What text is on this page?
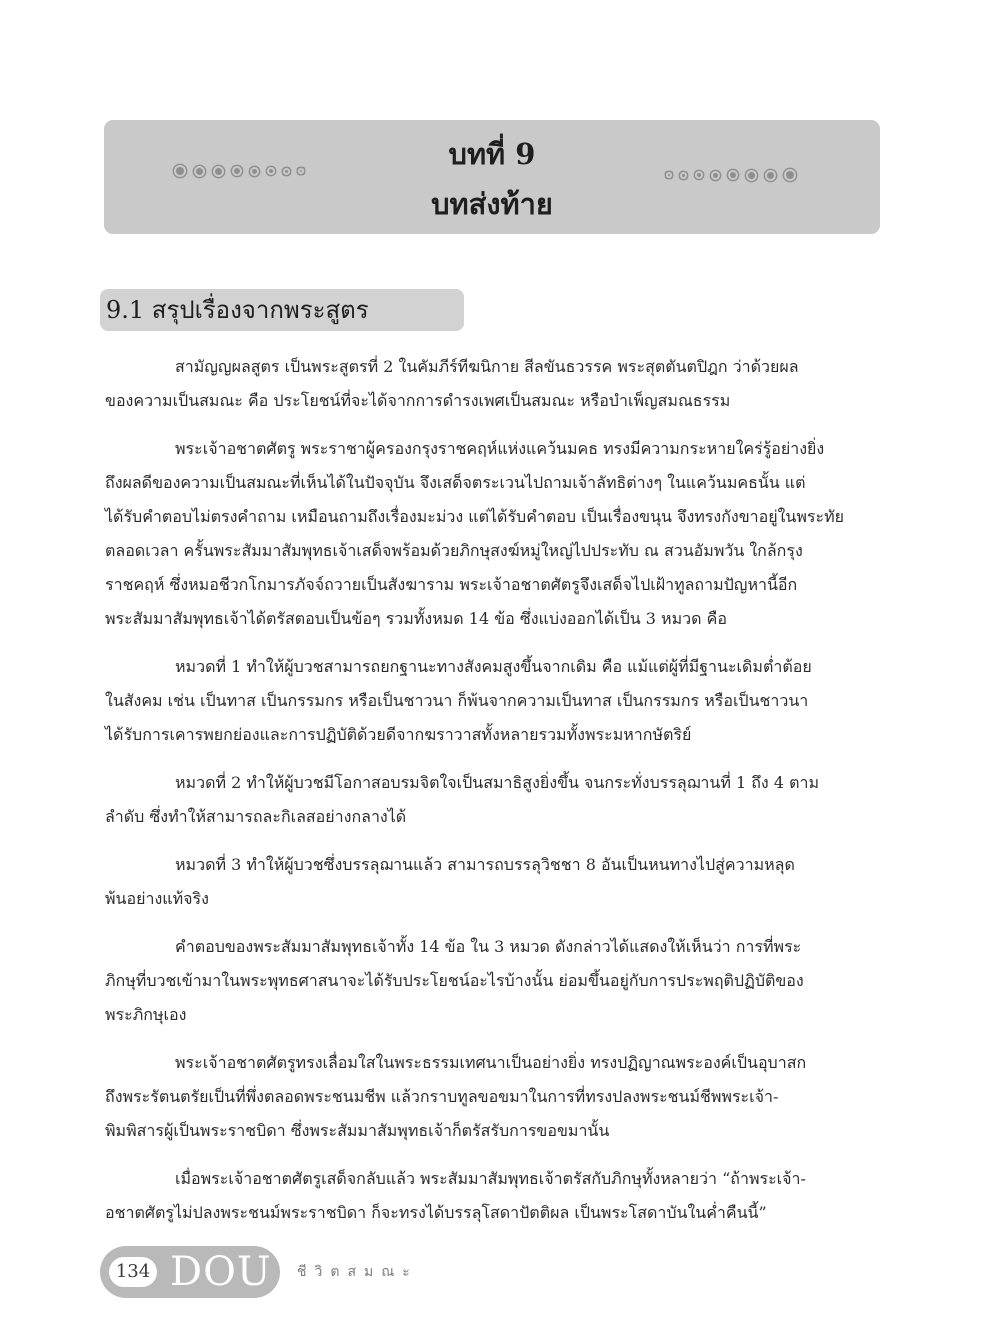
บทที่ 9
บทส่งท้าย
9.1 สรุปเรื่องจากพระสูตร

สามัญญผลสูตร เป็นพระสูตรที่ 2 ในคัมภีร์ทีฆนิกาย สีลขันธวรรค พระสุตตันตปิฎก ว่าด้วยผล
ของความเป็นสมณะ คือ ประโยชน์ที่จะได้จากการดำรงเพศเป็นสมณะ หรือบำเพ็ญสมณธรรม

พระเจ้าอชาตศัตรู พระราชาผู้ครองกรุงราชคฤห์แห่งแคว้นมคธ ทรงมีความกระหายใคร่รู้อย่างยิ่ง
ถึงผลดีของความเป็นสมณะที่เห็นได้ในปัจจุบัน จึงเสด็จตระเวนไปถามเจ้าลัทธิต่างๆ ในแคว้นมคธนั้น แต่
ได้รับคำตอบไม่ตรงคำถาม เหมือนถามถึงเรื่องมะม่วง แต่ได้รับคำตอบ เป็นเรื่องขนุน จึงทรงกังขาอยู่ในพระทัย
ตลอดเวลา ครั้นพระสัมมาสัมพุทธเจ้าเสด็จพร้อมด้วยภิกษุสงฆ์หมู่ใหญ่ไปประทับ ณ สวนอัมพวัน ใกล้กรุง
ราชคฤห์ ซึ่งหมอชีวกโกมารภัจจ์ถวายเป็นสังฆาราม พระเจ้าอชาตศัตรูจึงเสด็จไปเฝ้าทูลถามปัญหานี้อีก
พระสัมมาสัมพุทธเจ้าได้ตรัสตอบเป็นข้อๆ รวมทั้งหมด 14 ข้อ ซึ่งแบ่งออกได้เป็น 3 หมวด คือ

หมวดที่ 1 ทำให้ผู้บวชสามารถยกฐานะทางสังคมสูงขึ้นจากเดิม คือ แม้แต่ผู้ที่มีฐานะเดิมต่ำต้อย
ในสังคม เช่น เป็นทาส เป็นกรรมกร หรือเป็นชาวนา ก็พ้นจากความเป็นทาส เป็นกรรมกร หรือเป็นชาวนา
ได้รับการเคารพยกย่องและการปฏิบัติด้วยดีจากฆราวาสทั้งหลายรวมทั้งพระมหากษัตริย์

หมวดที่ 2 ทำให้ผู้บวชมีโอกาสอบรมจิตใจเป็นสมาธิสูงยิ่งขึ้น จนกระทั่งบรรลุฌานที่ 1 ถึง 4 ตาม
ลำดับ ซึ่งทำให้สามารถละกิเลสอย่างกลางได้

หมวดที่ 3 ทำให้ผู้บวชซึ่งบรรลุฌานแล้ว สามารถบรรลุวิชชา 8 อันเป็นหนทางไปสู่ความหลุด
พ้นอย่างแท้จริง

คำตอบของพระสัมมาสัมพุทธเจ้าทั้ง 14 ข้อ ใน 3 หมวด ดังกล่าวได้แสดงให้เห็นว่า การที่พระ
ภิกษุที่บวชเข้ามาในพระพุทธศาสนาจะได้รับประโยชน์อะไรบ้างนั้น ย่อมขึ้นอยู่กับการประพฤติปฏิบัติของ
พระภิกษุเอง

พระเจ้าอชาตศัตรูทรงเลื่อมใสในพระธรรมเทศนาเป็นอย่างยิ่ง ทรงปฏิญาณพระองค์เป็นอุบาสก
ถึงพระรัตนตรัยเป็นที่พึ่งตลอดพระชนมชีพ แล้วกราบทูลขอขมาในการที่ทรงปลงพระชนม์ชีพพระเจ้า-
พิมพิสารผู้เป็นพระราชบิดา ซึ่งพระสัมมาสัมพุทธเจ้าก็ตรัสรับการขอขมานั้น

เมื่อพระเจ้าอชาตศัตรูเสด็จกลับแล้ว พระสัมมาสัมพุทธเจ้าตรัสกับภิกษุทั้งหลายว่า “ถ้าพระเจ้า-
อชาตศัตรูไม่ปลงพระชนม์พระราชบิดา ก็จะทรงได้บรรลุโสดาปัตติผล เป็นพระโสดาบันในค่ำคืนนี้”

134 DOU ชีวิตสมณะ
